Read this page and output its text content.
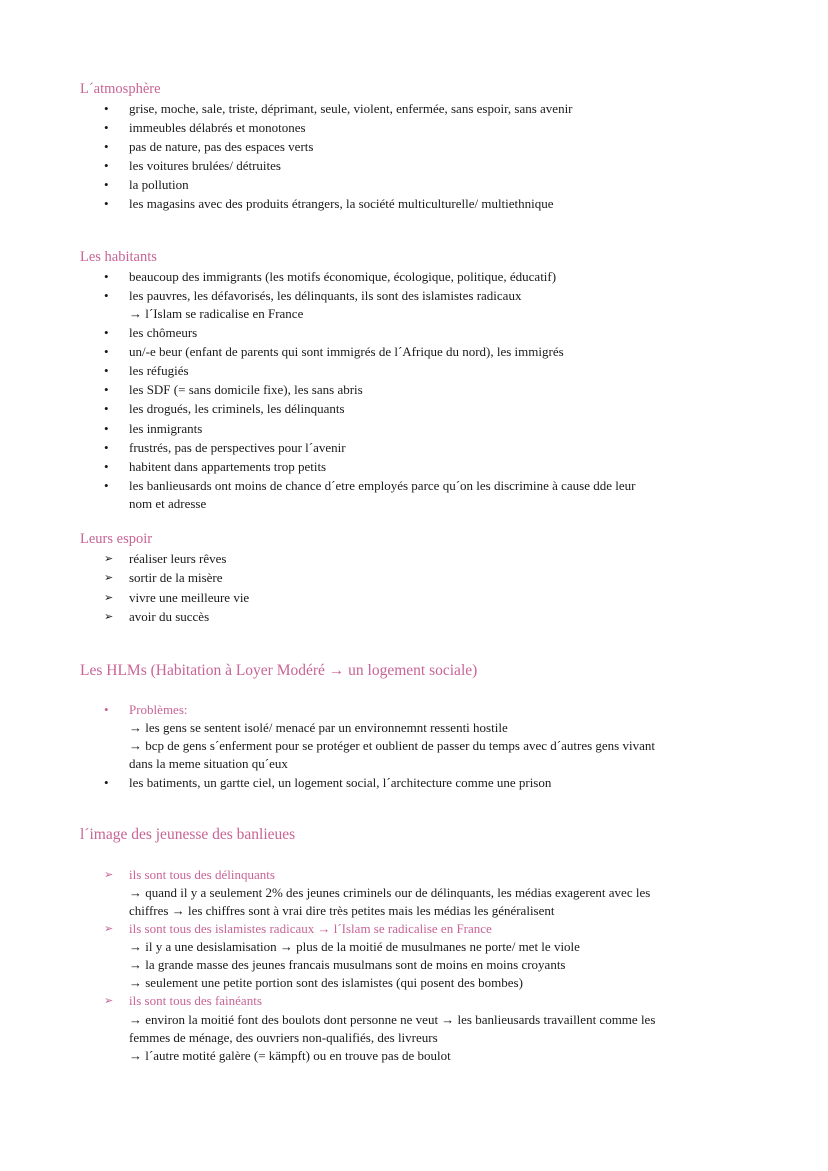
L´atmosphère
• grise, moche, sale, triste, déprimant, seule, violent, enfermée, sans espoir, sans avenir
• immeubles délabrés et monotones
• pas de nature, pas des espaces verts
• les voitures brulées/ détruites
• la pollution
• les magasins avec des produits étrangers, la société multiculturelle/ multiethnique
Les habitants
• beaucoup des immigrants (les motifs économique, écologique, politique, éducatif)
• les pauvres, les défavorisés, les délinquants, ils sont des islamistes radicaux
→ l´Islam se radicalise en France
• les chômeurs
• un/-e beur (enfant de parents qui sont immigrés de l´Afrique du nord), les immigrés
• les réfugiés
• les SDF (= sans domicile fixe), les sans abris
• les drogués, les criminels, les délinquants
• les inmigrants
• frustrés, pas de perspectives pour l´avenir
• habitent dans appartements trop petits
• les banlieusards ont moins de chance d´etre employés parce qu´on les discrimine à cause dde leur
nom et adresse
Leurs espoir
➢ réaliser leurs rêves
➢ sortir de la misère
➢ vivre une meilleure vie
➢ avoir du succès
Les HLMs (Habitation à Loyer Modéré → un logement sociale)
• Problèmes:
→ les gens se sentent isolé/ menacé par un environnemnt ressenti hostile
→ bcp de gens s´enferment pour se protéger et oublient de passer du temps avec d´autres gens vivant
dans la meme situation qu´eux
• les batiments, un gartte ciel, un logement social, l´architecture comme une prison
l´image des jeunesse des banlieues
➢ ils sont tous des délinquants
→ quand il y a seulement 2% des jeunes criminels our de délinquants, les médias exagerent avec les
chiffres → les chiffres sont à vrai dire très petites mais les médias les généralisent
➢ ils sont tous des islamistes radicaux → l´Islam se radicalise en France
→ il y a une desislamisation → plus de la moitié de musulmanes ne porte/ met le viole
→ la grande masse des jeunes francais musulmans sont de moins en moins croyants
→ seulement une petite portion sont des islamistes (qui posent des bombes)
➢ ils sont tous des fainéants
→ environ la moitié font des boulots dont personne ne veut → les banlieusards travaillent comme les
femmes de ménage, des ouvriers non-qualifiés, des livreurs
→ l´autre motité galère (= kämpft) ou en trouve pas de boulot
